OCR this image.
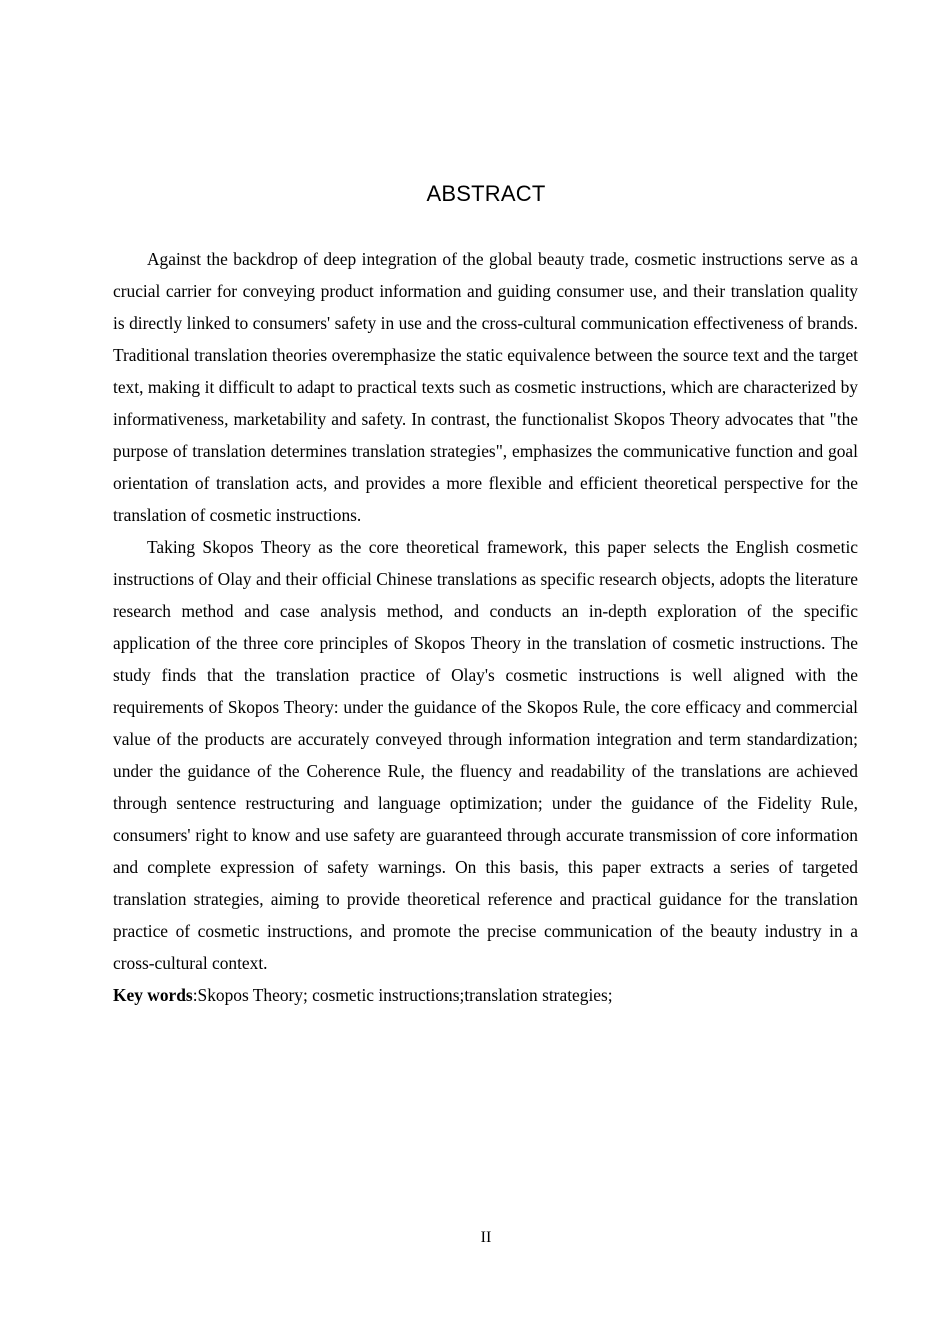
ABSTRACT

Against the backdrop of deep integration of the global beauty trade, cosmetic instructions serve as a crucial carrier for conveying product information and guiding consumer use, and their translation quality is directly linked to consumers' safety in use and the cross-cultural communication effectiveness of brands. Traditional translation theories overemphasize the static equivalence between the source text and the target text, making it difficult to adapt to practical texts such as cosmetic instructions, which are characterized by informativeness, marketability and safety. In contrast, the functionalist Skopos Theory advocates that "the purpose of translation determines translation strategies", emphasizes the communicative function and goal orientation of translation acts, and provides a more flexible and efficient theoretical perspective for the translation of cosmetic instructions.

Taking Skopos Theory as the core theoretical framework, this paper selects the English cosmetic instructions of Olay and their official Chinese translations as specific research objects, adopts the literature research method and case analysis method, and conducts an in-depth exploration of the specific application of the three core principles of Skopos Theory in the translation of cosmetic instructions. The study finds that the translation practice of Olay's cosmetic instructions is well aligned with the requirements of Skopos Theory: under the guidance of the Skopos Rule, the core efficacy and commercial value of the products are accurately conveyed through information integration and term standardization; under the guidance of the Coherence Rule, the fluency and readability of the translations are achieved through sentence restructuring and language optimization; under the guidance of the Fidelity Rule, consumers' right to know and use safety are guaranteed through accurate transmission of core information and complete expression of safety warnings. On this basis, this paper extracts a series of targeted translation strategies, aiming to provide theoretical reference and practical guidance for the translation practice of cosmetic instructions, and promote the precise communication of the beauty industry in a cross-cultural context.

Key words:Skopos Theory; cosmetic instructions;translation strategies;

II
